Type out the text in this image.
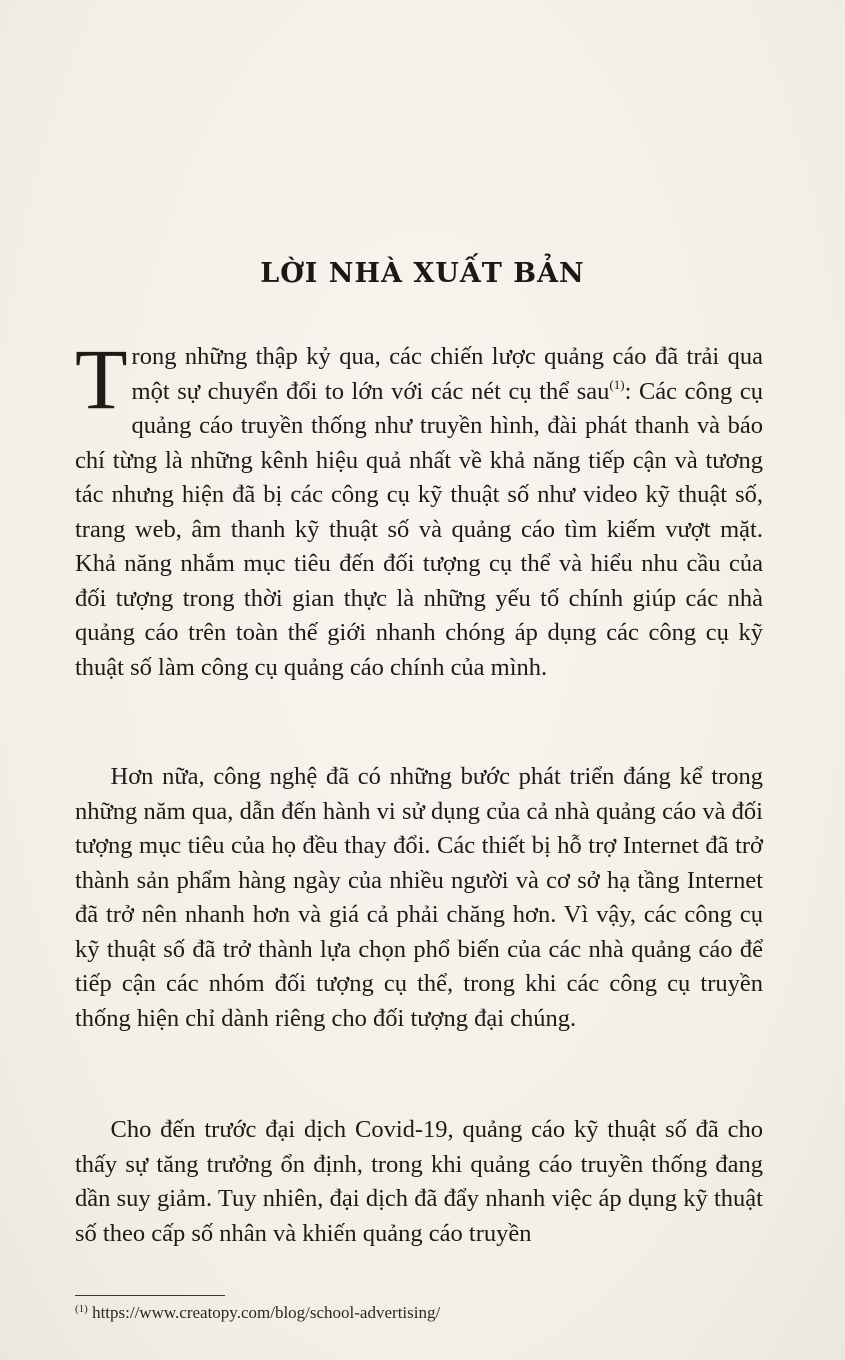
LỜI NHÀ XUẤT BẢN
Trong những thập kỷ qua, các chiến lược quảng cáo đã trải qua một sự chuyển đổi to lớn với các nét cụ thể sau$^{(1)}$: Các công cụ quảng cáo truyền thống như truyền hình, đài phát thanh và báo chí từng là những kênh hiệu quả nhất về khả năng tiếp cận và tương tác nhưng hiện đã bị các công cụ kỹ thuật số như video kỹ thuật số, trang web, âm thanh kỹ thuật số và quảng cáo tìm kiếm vượt mặt. Khả năng nhắm mục tiêu đến đối tượng cụ thể và hiểu nhu cầu của đối tượng trong thời gian thực là những yếu tố chính giúp các nhà quảng cáo trên toàn thế giới nhanh chóng áp dụng các công cụ kỹ thuật số làm công cụ quảng cáo chính của mình.
Hơn nữa, công nghệ đã có những bước phát triển đáng kể trong những năm qua, dẫn đến hành vi sử dụng của cả nhà quảng cáo và đối tượng mục tiêu của họ đều thay đổi. Các thiết bị hỗ trợ Internet đã trở thành sản phẩm hàng ngày của nhiều người và cơ sở hạ tầng Internet đã trở nên nhanh hơn và giá cả phải chăng hơn. Vì vậy, các công cụ kỹ thuật số đã trở thành lựa chọn phổ biến của các nhà quảng cáo để tiếp cận các nhóm đối tượng cụ thể, trong khi các công cụ truyền thống hiện chỉ dành riêng cho đối tượng đại chúng.
Cho đến trước đại dịch Covid-19, quảng cáo kỹ thuật số đã cho thấy sự tăng trưởng ổn định, trong khi quảng cáo truyền thống đang dần suy giảm. Tuy nhiên, đại dịch đã đẩy nhanh việc áp dụng kỹ thuật số theo cấp số nhân và khiến quảng cáo truyền
$^{(1)}$ https://www.creatopy.com/blog/school-advertising/
